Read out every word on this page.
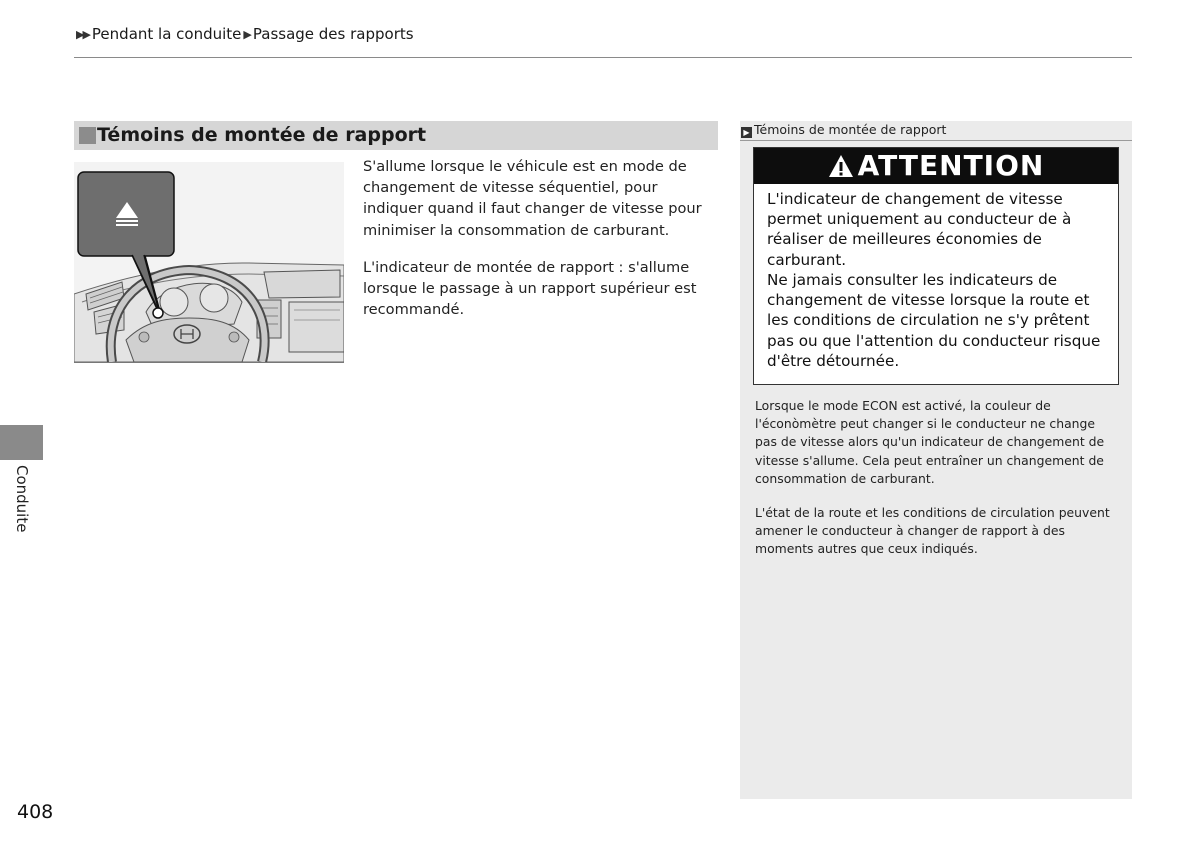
▶▶ Pendant la conduite ▶Passage des rapports
Témoins de montée de rapport
S'allume lorsque le véhicule est en mode de changement de vitesse séquentiel, pour indiquer quand il faut changer de vitesse pour minimiser la consommation de carburant.
L'indicateur de montée de rapport : s'allume lorsque le passage à un rapport supérieur est recommandé.
▶ Témoins de montée de rapport
ATTENTION
L'indicateur de changement de vitesse permet uniquement au conducteur de à réaliser de meilleures économies de carburant.
Ne jamais consulter les indicateurs de changement de vitesse lorsque la route et les conditions de circulation ne s'y prêtent pas ou que l'attention du conducteur risque d'être détournée.
Lorsque le mode ECON est activé, la couleur de l'éconòmètre peut changer si le conducteur ne change pas de vitesse alors qu'un indicateur de changement de vitesse s'allume. Cela peut entraîner un changement de consommation de carburant.
L'état de la route et les conditions de circulation peuvent amener le conducteur à changer de rapport à des moments autres que ceux indiqués.
Conduite
408
